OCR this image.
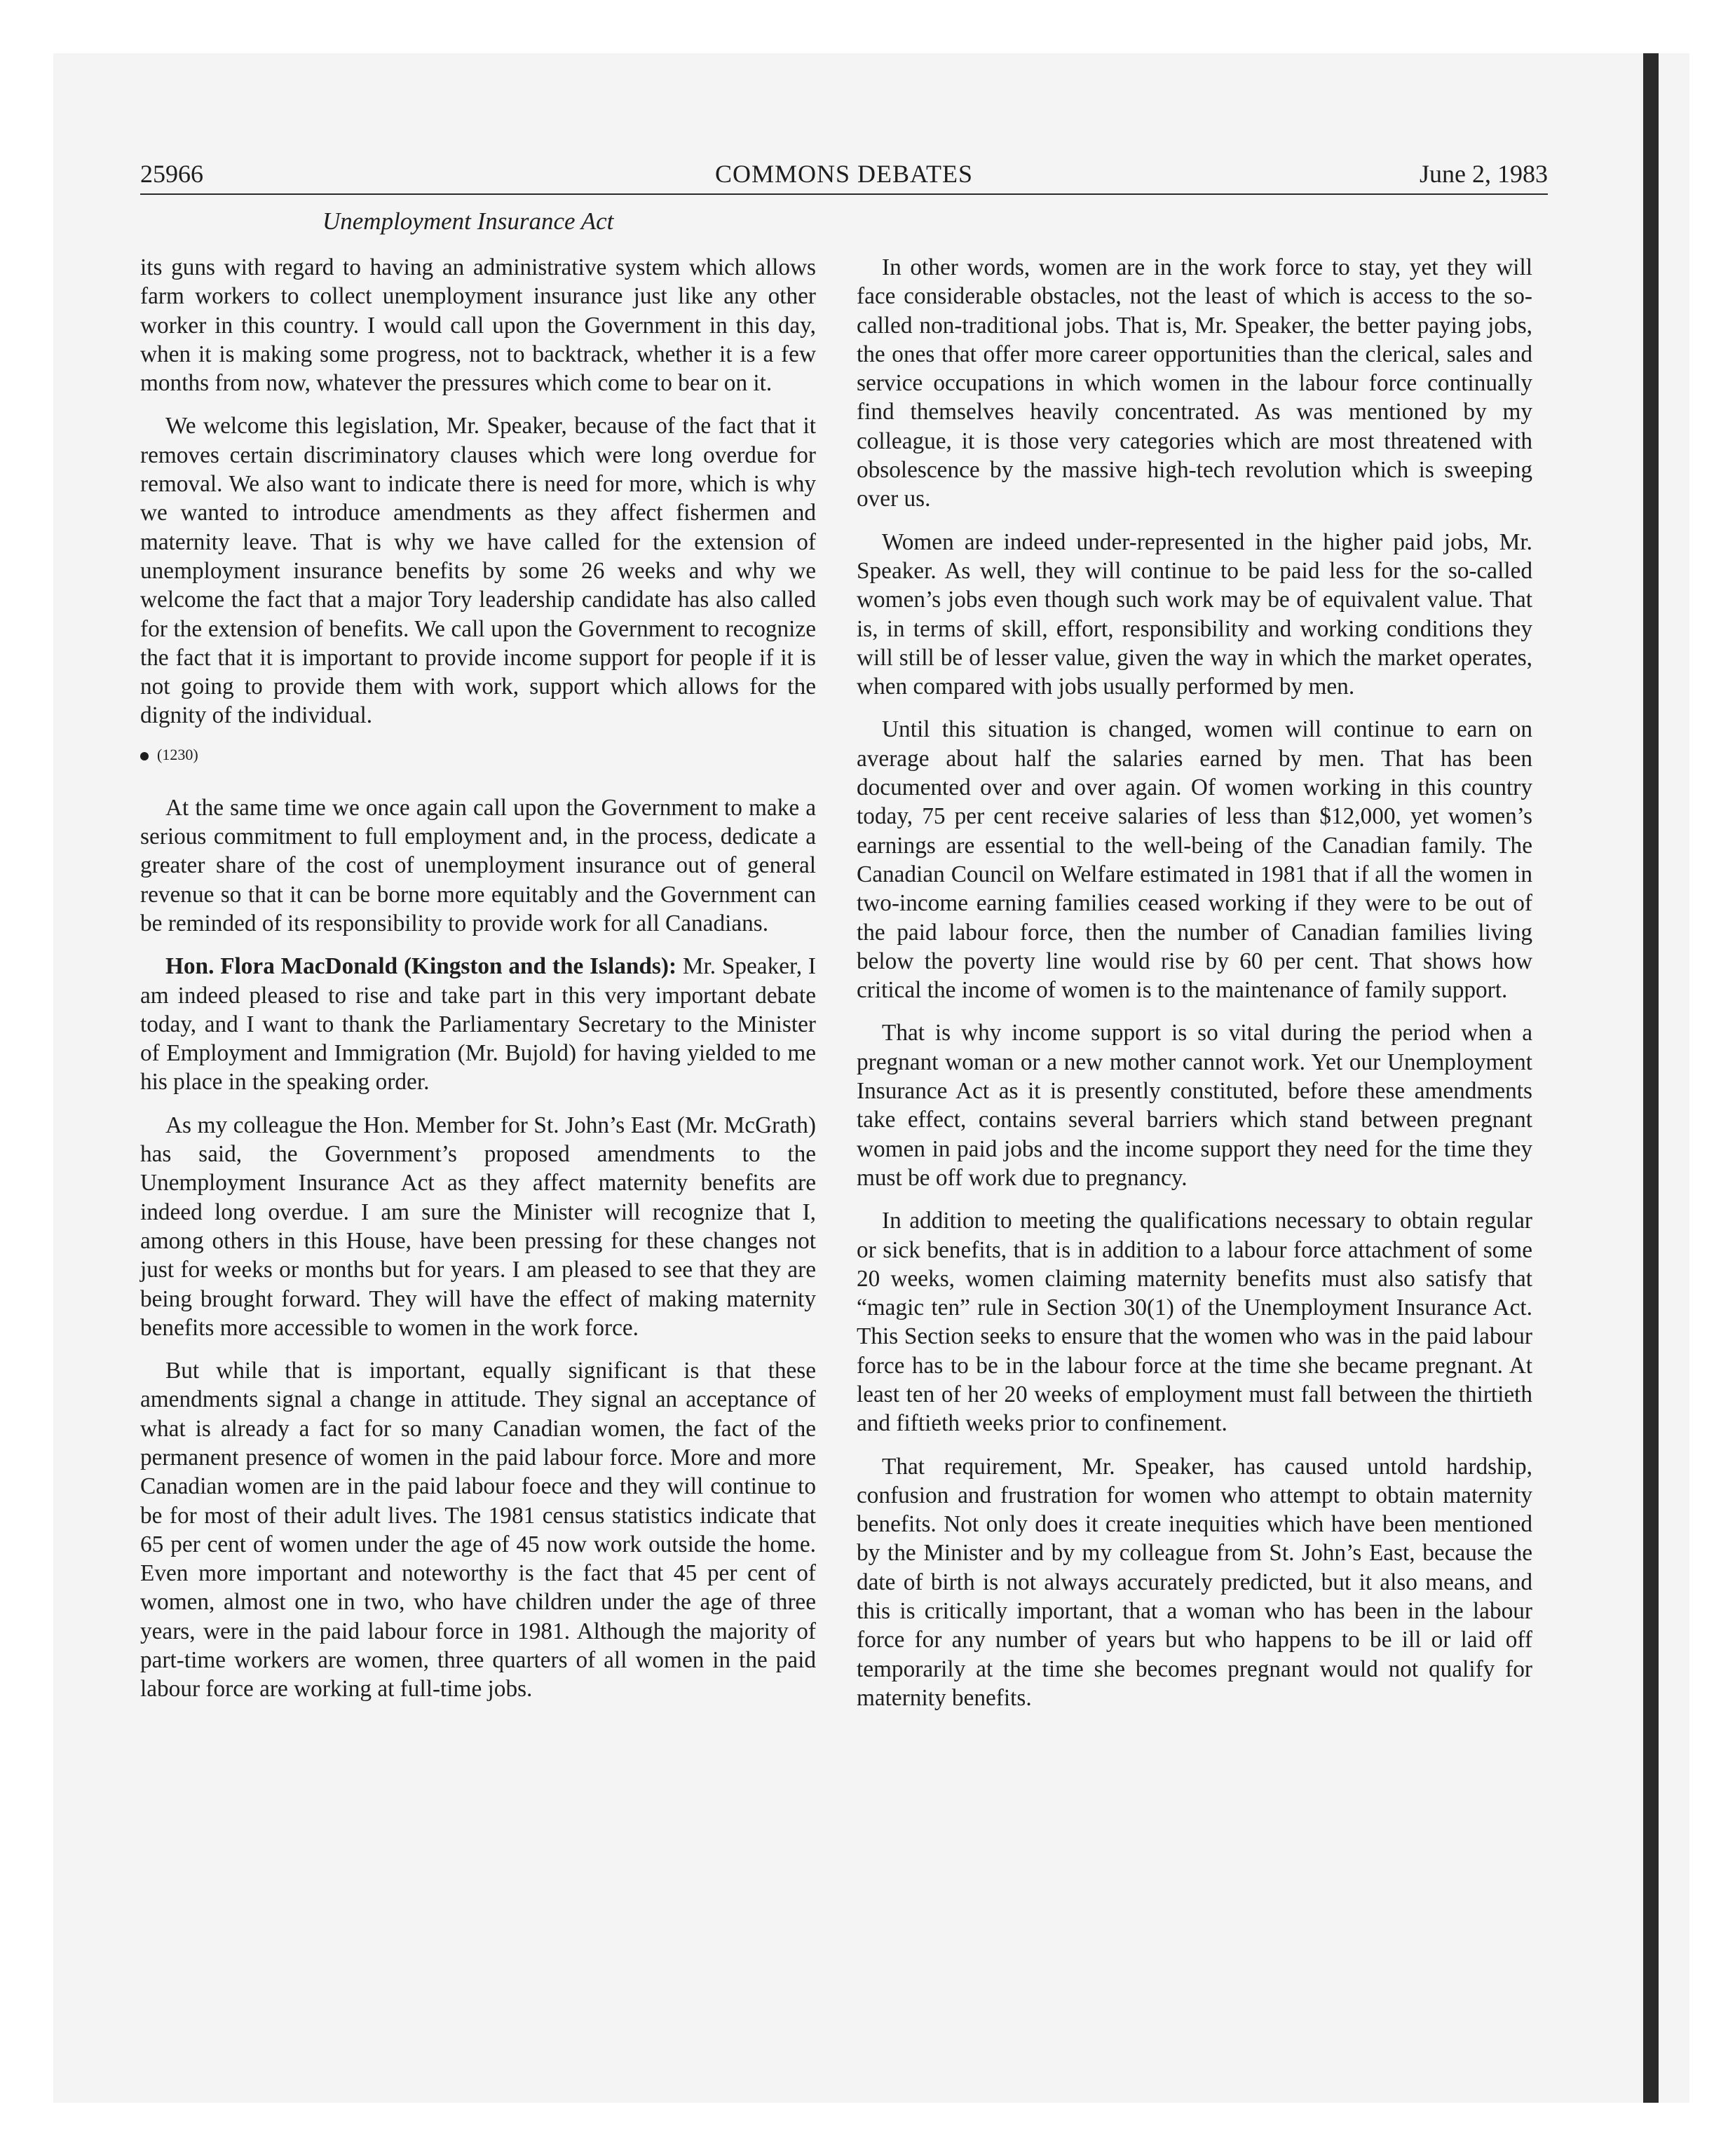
25966	COMMONS DEBATES	June 2, 1983
Unemployment Insurance Act

its guns with regard to having an administrative system which allows farm workers to collect unemployment insurance just like any other worker in this country. I would call upon the Government in this day, when it is making some progress, not to backtrack, whether it is a few months from now, whatever the pressures which come to bear on it.

We welcome this legislation, Mr. Speaker, because of the fact that it removes certain discriminatory clauses which were long overdue for removal. We also want to indicate there is need for more, which is why we wanted to introduce amendments as they affect fishermen and maternity leave. That is why we have called for the extension of unemployment insurance benefits by some 26 weeks and why we welcome the fact that a major Tory leadership candidate has also called for the extension of benefits. We call upon the Government to recognize the fact that it is important to provide income support for people if it is not going to provide them with work, support which allows for the dignity of the individual.

(1230)

At the same time we once again call upon the Government to make a serious commitment to full employment and, in the process, dedicate a greater share of the cost of unemployment insurance out of general revenue so that it can be borne more equitably and the Government can be reminded of its responsibility to provide work for all Canadians.

Hon. Flora MacDonald (Kingston and the Islands): Mr. Speaker, I am indeed pleased to rise and take part in this very important debate today, and I want to thank the Parliamentary Secretary to the Minister of Employment and Immigration (Mr. Bujold) for having yielded to me his place in the speaking order.

As my colleague the Hon. Member for St. John’s East (Mr. McGrath) has said, the Government’s proposed amendments to the Unemployment Insurance Act as they affect maternity benefits are indeed long overdue. I am sure the Minister will recognize that I, among others in this House, have been pressing for these changes not just for weeks or months but for years. I am pleased to see that they are being brought forward. They will have the effect of making maternity benefits more accessible to women in the work force.

But while that is important, equally significant is that these amendments signal a change in attitude. They signal an acceptance of what is already a fact for so many Canadian women, the fact of the permanent presence of women in the paid labour force. More and more Canadian women are in the paid labour foece and they will continue to be for most of their adult lives. The 1981 census statistics indicate that 65 per cent of women under the age of 45 now work outside the home. Even more important and noteworthy is the fact that 45 per cent of women, almost one in two, who have children under the age of three years, were in the paid labour force in 1981. Although the majority of part-time workers are women, three quarters of all women in the paid labour force are working at full-time jobs.

In other words, women are in the work force to stay, yet they will face considerable obstacles, not the least of which is access to the so-called non-traditional jobs. That is, Mr. Speaker, the better paying jobs, the ones that offer more career opportunities than the clerical, sales and service occupations in which women in the labour force continually find themselves heavily concentrated. As was mentioned by my colleague, it is those very categories which are most threatened with obsolescence by the massive high-tech revolution which is sweeping over us.

Women are indeed under-represented in the higher paid jobs, Mr. Speaker. As well, they will continue to be paid less for the so-called women’s jobs even though such work may be of equivalent value. That is, in terms of skill, effort, responsibility and working conditions they will still be of lesser value, given the way in which the market operates, when compared with jobs usually performed by men.

Until this situation is changed, women will continue to earn on average about half the salaries earned by men. That has been documented over and over again. Of women working in this country today, 75 per cent receive salaries of less than $12,000, yet women’s earnings are essential to the well-being of the Canadian family. The Canadian Council on Welfare estimated in 1981 that if all the women in two-income earning families ceased working if they were to be out of the paid labour force, then the number of Canadian families living below the poverty line would rise by 60 per cent. That shows how critical the income of women is to the maintenance of family support.

That is why income support is so vital during the period when a pregnant woman or a new mother cannot work. Yet our Unemployment Insurance Act as it is presently constituted, before these amendments take effect, contains several barriers which stand between pregnant women in paid jobs and the income support they need for the time they must be off work due to pregnancy.

In addition to meeting the qualifications necessary to obtain regular or sick benefits, that is in addition to a labour force attachment of some 20 weeks, women claiming maternity benefits must also satisfy that “magic ten” rule in Section 30(1) of the Unemployment Insurance Act. This Section seeks to ensure that the women who was in the paid labour force has to be in the labour force at the time she became pregnant. At least ten of her 20 weeks of employment must fall between the thirtieth and fiftieth weeks prior to confinement.

That requirement, Mr. Speaker, has caused untold hardship, confusion and frustration for women who attempt to obtain maternity benefits. Not only does it create inequities which have been mentioned by the Minister and by my colleague from St. John’s East, because the date of birth is not always accurately predicted, but it also means, and this is critically important, that a woman who has been in the labour force for any number of years but who happens to be ill or laid off temporarily at the time she becomes pregnant would not qualify for maternity benefits.
